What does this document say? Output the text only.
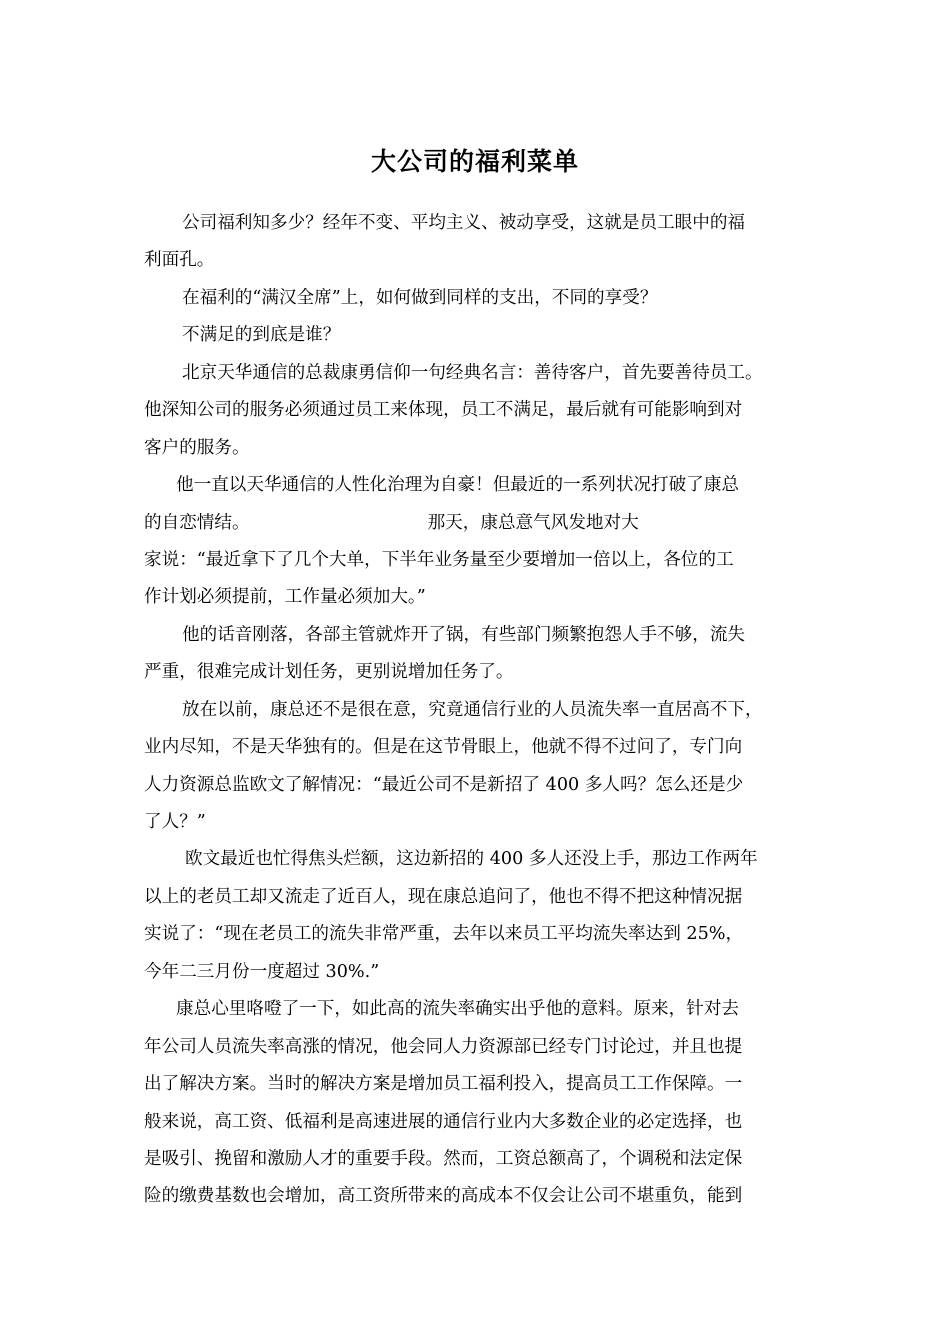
大公司的福利菜单
公司福利知多少？经年不变、平均主义、被动享受，这就是员工眼中的福
利面孔。
在福利的“满汉全席”上，如何做到同样的支出，不同的享受？
不满足的到底是谁？
北京天华通信的总裁康勇信仰一句经典名言：善待客户，首先要善待员工。
他深知公司的服务必须通过员工来体现，员工不满足，最后就有可能影响到对
客户的服务。
他一直以天华通信的人性化治理为自豪！但最近的一系列状况打破了康总
的自恋情结。	那天，康总意气风发地对大
家说：“最近拿下了几个大单，下半年业务量至少要增加一倍以上，各位的工
作计划必须提前，工作量必须加大。”
他的话音刚落，各部主管就炸开了锅，有些部门频繁抱怨人手不够，流失
严重，很难完成计划任务，更别说增加任务了。
放在以前，康总还不是很在意，究竟通信行业的人员流失率一直居高不下，
业内尽知，不是天华独有的。但是在这节骨眼上，他就不得不过问了，专门向
人力资源总监欧文了解情况：“最近公司不是新招了 400 多人吗？怎么还是少
了人？”
欧文最近也忙得焦头烂额，这边新招的 400 多人还没上手，那边工作两年
以上的老员工却又流走了近百人，现在康总追问了，他也不得不把这种情况据
实说了：“现在老员工的流失非常严重，去年以来员工平均流失率达到 25%，
今年二三月份一度超过 30%.”
康总心里咯噔了一下，如此高的流失率确实出乎他的意料。原来，针对去
年公司人员流失率高涨的情况，他会同人力资源部已经专门讨论过，并且也提
出了解决方案。当时的解决方案是增加员工福利投入，提高员工工作保障。一
般来说，高工资、低福利是高速进展的通信行业内大多数企业的必定选择，也
是吸引、挽留和激励人才的重要手段。然而，工资总额高了，个调税和法定保
险的缴费基数也会增加，高工资所带来的高成本不仅会让公司不堪重负，能到
